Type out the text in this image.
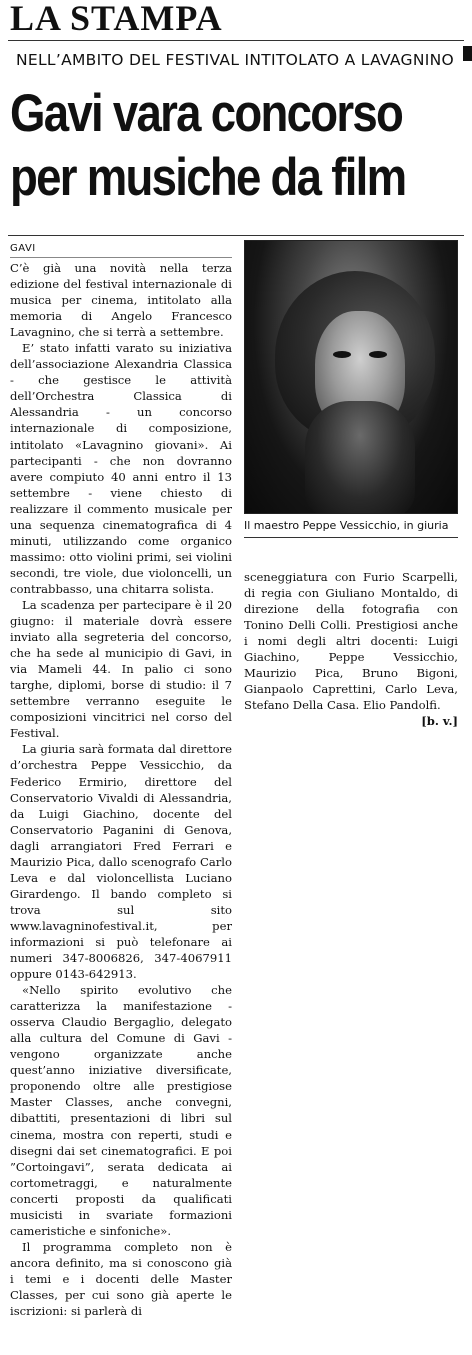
LA STAMPA
NELL’AMBITO DEL FESTIVAL INTITOLATO A LAVAGNINO
Gavi vara concorso
per musiche da film
GAVI

C’è già una novità nella terza edizione del festival internazionale di musica per cinema, intitolato alla memoria di Angelo Francesco Lavagnino, che si terrà a settembre.

E’ stato infatti varato su iniziativa dell’associazione Alexandria Classica - che gestisce le attività dell’Orchestra Classica di Alessandria - un concorso internazionale di composizione, intitolato «Lavagnino giovani». Ai partecipanti - che non dovranno avere compiuto 40 anni entro il 13 settembre - viene chiesto di realizzare il commento musicale per una sequenza cinematografica di 4 minuti, utilizzando come organico massimo: otto violini primi, sei violini secondi, tre viole, due violoncelli, un contrabbasso, una chitarra solista.

La scadenza per partecipare è il 20 giugno: il materiale dovrà essere inviato alla segreteria del concorso, che ha sede al municipio di Gavi, in via Mameli 44. In palio ci sono targhe, diplomi, borse di studio: il 7 settembre verranno eseguite le composizioni vincitrici nel corso del Festival.

La giuria sarà formata dal direttore d’orchestra Peppe Vessicchio, da Federico Ermirio, direttore del Conservatorio Vivaldi di Alessandria, da Luigi Giachino, docente del Conservatorio Paganini di Genova, dagli arrangiatori Fred Ferrari e Maurizio Pica, dallo scenografo Carlo Leva e dal violoncellista Luciano Girardengo. Il bando completo si trova sul sito www.lavagninofestival.it, per informazioni si può telefonare ai numeri 347-8006826, 347-4067911 oppure 0143-642913.

«Nello spirito evolutivo che caratterizza la manifestazione - osserva Claudio Bergaglio, delegato alla cultura del Comune di Gavi - vengono organizzate anche quest’anno iniziative diversificate, proponendo oltre alle prestigiose Master Classes, anche convegni, dibattiti, presentazioni di libri sul cinema, mostra con reperti, studi e disegni dai set cinematografici. E poi ”Cortoingavi”, serata dedicata ai cortometraggi, e naturalmente concerti proposti da qualificati musicisti in svariate formazioni cameristiche e sinfoniche».

Il programma completo non è ancora definito, ma si conoscono già i temi e i docenti delle Master Classes, per cui sono già aperte le iscrizioni: si parlerà di

Il maestro Peppe Vessicchio, in giuria

sceneggiatura con Furio Scarpelli, di regia con Giuliano Montaldo, di direzione della fotografia con Tonino Delli Colli. Prestigiosi anche i nomi degli altri docenti: Luigi Giachino, Peppe Vessicchio, Maurizio Pica, Bruno Bigoni, Gianpaolo Caprettini, Carlo Leva, Stefano Della Casa. Elio Pandolfi.
[b. v.]
